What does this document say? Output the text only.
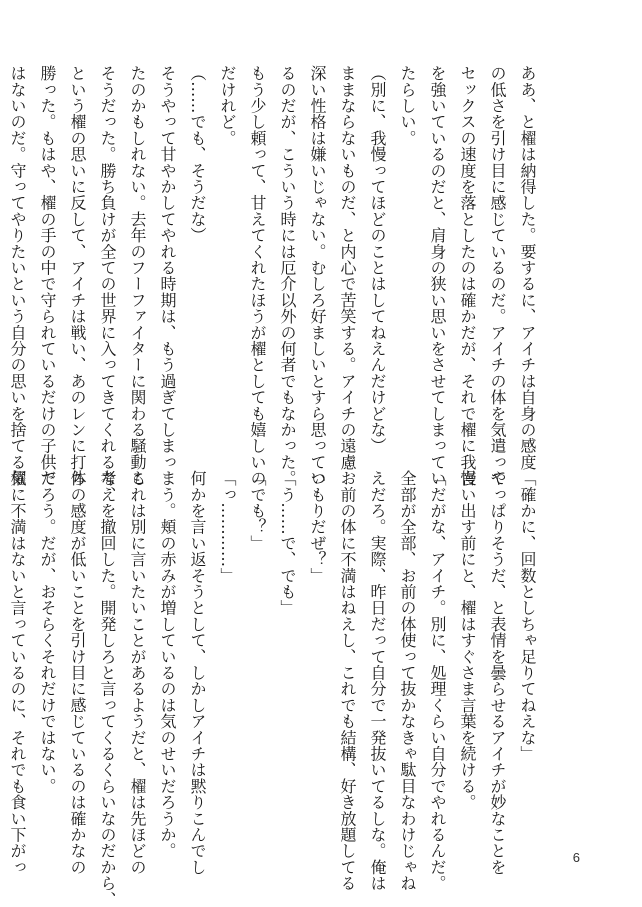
ああ、と櫂は納得した。要するに、アイチは自身の感度

の低さを引け目に感じているのだ。アイチの体を気遣って

セックスの速度を落としたのは確かだが、それで櫂に我慢

を強いているのだと、肩身の狭い思いをさせてしまってい

たらしい。

（別に、我慢ってほどのことはしてねえんだけどな）

ままならないものだ、と内心で苦笑する。アイチの遠慮

深い性格は嫌いじゃない。むしろ好ましいとすら思ってい

るのだが、こういう時には厄介以外の何者でもなかった。

もう少し頼って、甘えてくれたほうが櫂としても嬉しいの

だけれど。

（……でも、そうだな）

そうやって甘やかしてやれる時期は、もう過ぎてしまっ

たのかもしれない。去年のフーファイターに関わる騒動も

そうだった。勝ち負けが全ての世界に入ってきてくれるな、

という櫂の思いに反して、アイチは戦い、あのレンに打ち

勝った。もはや、櫂の手の中で守られているだけの子供で

はないのだ。守ってやりたいという自分の思いを捨てる気

「確かに、回数としちゃ足りてねえな」

やっぱりそうだ、と表情を曇らせるアイチが妙なことを

言い出す前にと、櫂はすぐさま言葉を続ける。

「だがな、アイチ。別に、処理くらい自分でやれるんだ。

全部が全部、お前の体使って抜かなきゃ駄目なわけじゃね

えだろ。実際、昨日だって自分で一発抜いてるしな。俺は

お前の体に不満はねえし、これでも結構、好き放題してる

つもりだぜ？」

「う……で、でも」

「でも？」

「っ…………」

何かを言い返そうとして、しかしアイチは黙りこんでし

まう。頬の赤みが増しているのは気のせいだろうか。

これは別に言いたいことがあるようだと、櫂は先ほどの

考えを撤回した。開発しろと言ってくるくらいなのだから、

体の感度が低いことを引け目に感じているのは確かなの

だろう。だが、おそらくそれだけではない。

櫂に不満はないと言っているのに、それでも食い下がっ	6
